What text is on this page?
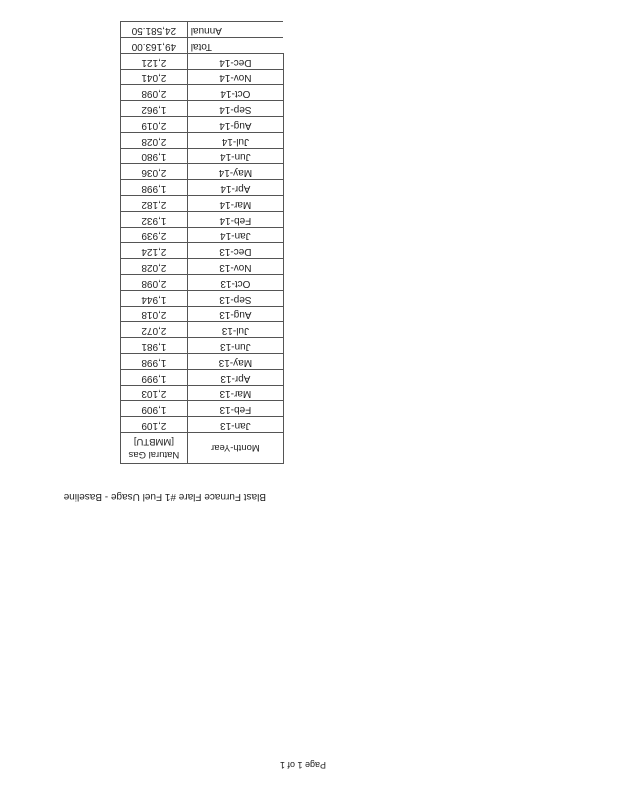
Page 1 of 1
Blast Furnace Flare #1 Fuel Usage - Baseline
Month-Year	Natural Gas
[MMBTU]

Jan-13	2,109
Feb-13	1,909
Mar-13	2,103
Apr-13	1,999
May-13	1,998
Jun-13	1,981
Jul-13	2,072
Aug-13	2,018
Sep-13	1,944
Oct-13	2,098
Nov-13	2,028
Dec-13	2,124
Jan-14	2,939
Feb-14	1,932
Mar-14	2,182
Apr-14	1,998
May-14	2,036
Jun-14	1,980
Jul-14	2,028
Aug-14	2,019
Sep-14	1,962
Oct-14	2,098
Nov-14	2,041
Dec-14	2,121
Total	49,163.00
Annual	24,581.50
